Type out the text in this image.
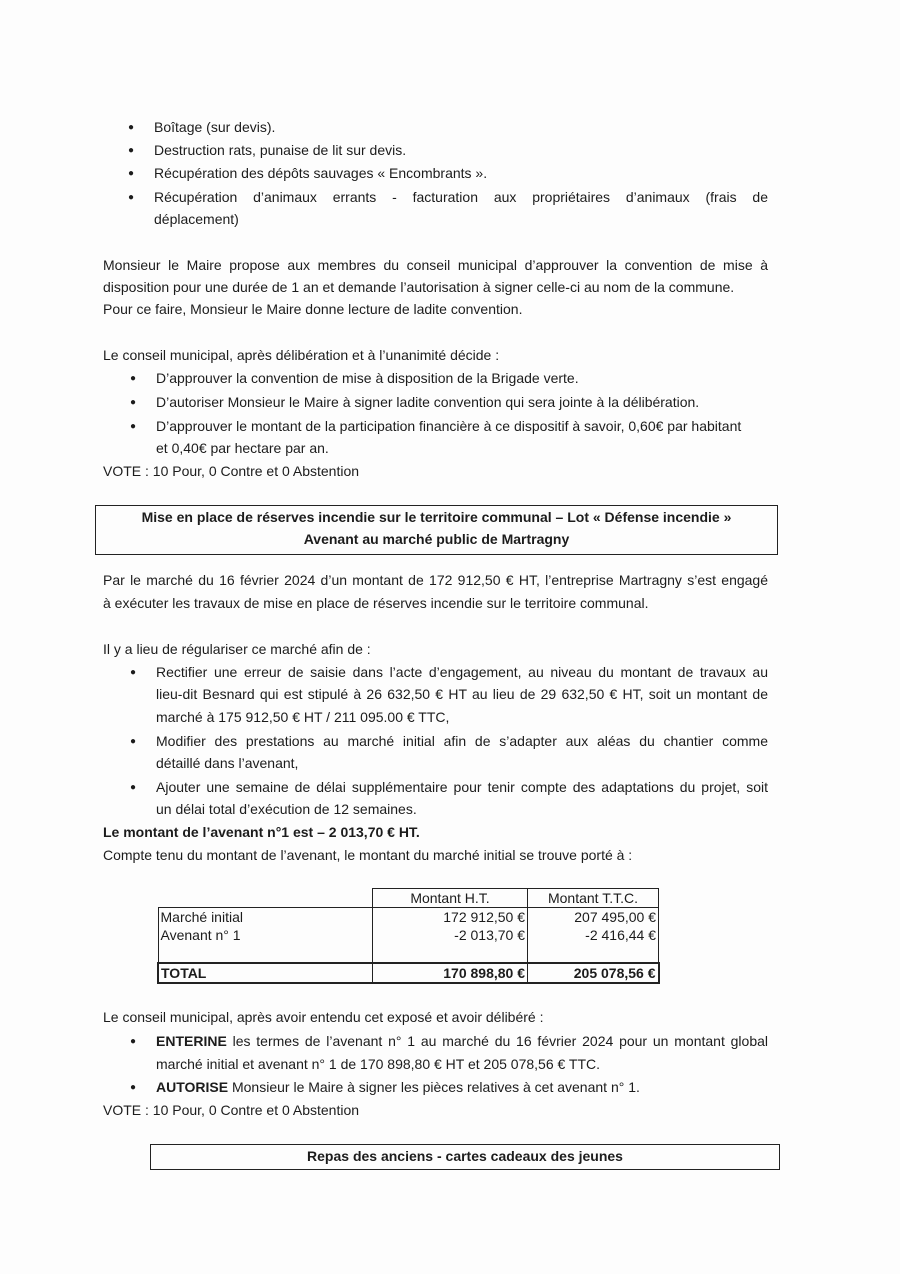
● Boîtage (sur devis).
● Destruction rats, punaise de lit sur devis.
● Récupération des dépôts sauvages « Encombrants ».
● Récupération d’animaux errants - facturation aux propriétaires d’animaux (frais de
déplacement)
Monsieur le Maire propose aux membres du conseil municipal d’approuver la convention de mise à
disposition pour une durée de 1 an et demande l’autorisation à signer celle-ci au nom de la commune.
Pour ce faire, Monsieur le Maire donne lecture de ladite convention.
Le conseil municipal, après délibération et à l’unanimité décide :
● D’approuver la convention de mise à disposition de la Brigade verte.
● D’autoriser Monsieur le Maire à signer ladite convention qui sera jointe à la délibération.
● D’approuver le montant de la participation financière à ce dispositif à savoir, 0,60€ par habitant
et 0,40€ par hectare par an.
VOTE : 10 Pour, 0 Contre et 0 Abstention
Mise en place de réserves incendie sur le territoire communal – Lot « Défense incendie »
Avenant au marché public de Martragny
Par le marché du 16 février 2024 d’un montant de 172 912,50 € HT, l’entreprise Martragny s’est engagé
à exécuter les travaux de mise en place de réserves incendie sur le territoire communal.
Il y a lieu de régulariser ce marché afin de :
● Rectifier une erreur de saisie dans l’acte d’engagement, au niveau du montant de travaux au
lieu-dit Besnard qui est stipulé à 26 632,50 € HT au lieu de 29 632,50 € HT, soit un montant de
marché à 175 912,50 € HT / 211 095.00 € TTC,
● Modifier des prestations au marché initial afin de s’adapter aux aléas du chantier comme
détaillé dans l’avenant,
● Ajouter une semaine de délai supplémentaire pour tenir compte des adaptations du projet, soit
un délai total d’exécution de 12 semaines.
Le montant de l’avenant n°1 est – 2 013,70 € HT.
Compte tenu du montant de l’avenant, le montant du marché initial se trouve porté à :
	Montant H.T.	Montant T.T.C.
Marché initial	172 912,50 €	207 495,00 €
Avenant n° 1	-2 013,70 €	-2 416,44 €

TOTAL	170 898,80 €	205 078,56 €
Le conseil municipal, après avoir entendu cet exposé et avoir délibéré :
● ENTERINE les termes de l’avenant n° 1 au marché du 16 février 2024 pour un montant global
marché initial et avenant n° 1 de 170 898,80 € HT et 205 078,56 € TTC.
● AUTORISE Monsieur le Maire à signer les pièces relatives à cet avenant n° 1.
VOTE : 10 Pour, 0 Contre et 0 Abstention
Repas des anciens - cartes cadeaux des jeunes
